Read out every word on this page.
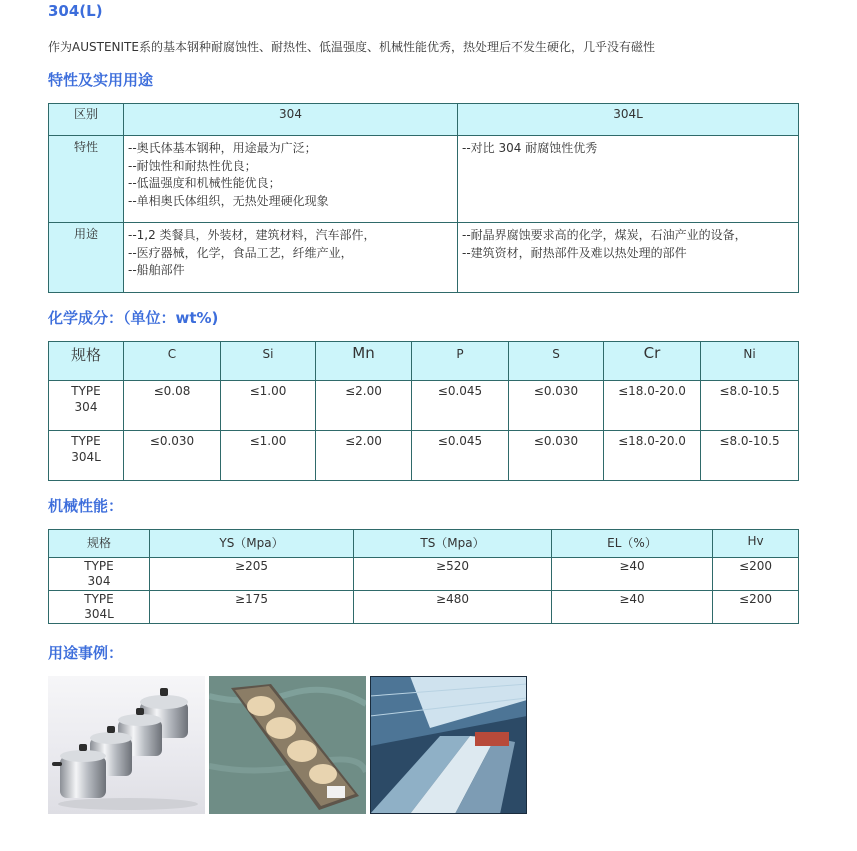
304(L)
作为AUSTENITE系的基本钢种耐腐蚀性、耐热性、低温强度、机械性能优秀，热处理后不发生硬化，几乎没有磁性
特性及实用用途
区别	304	304L
特性	--奥氏体基本钢种，用途最为广泛；
--耐蚀性和耐热性优良；
--低温强度和机械性能优良；
--单相奥氏体组织，无热处理硬化现象	--对比 304 耐腐蚀性优秀

用途	--1,2 类餐具，外装材，建筑材料，汽车部件，
--医疗器械，化学，食品工艺，纤维产业，
--船舶部件	--耐晶界腐蚀要求高的化学，煤炭，石油产业的设备，
--建筑资材，耐热部件及难以热处理的部件
化学成分：（单位：wt%)
规格	C	Si	Mn	P	S	Cr	Ni
TYPE
304	≤0.08	≤1.00	≤2.00	≤0.045	≤0.030	≤18.0-20.0	≤8.0-10.5
TYPE
304L	≤0.030	≤1.00	≤2.00	≤0.045	≤0.030	≤18.0-20.0	≤8.0-10.5
机械性能：
规格	YS（Mpa）	TS（Mpa）	EL（%）	Hv
TYPE
304	≥205	≥520	≥40	≤200
TYPE
304L	≥175	≥480	≥40	≤200
用途事例：
